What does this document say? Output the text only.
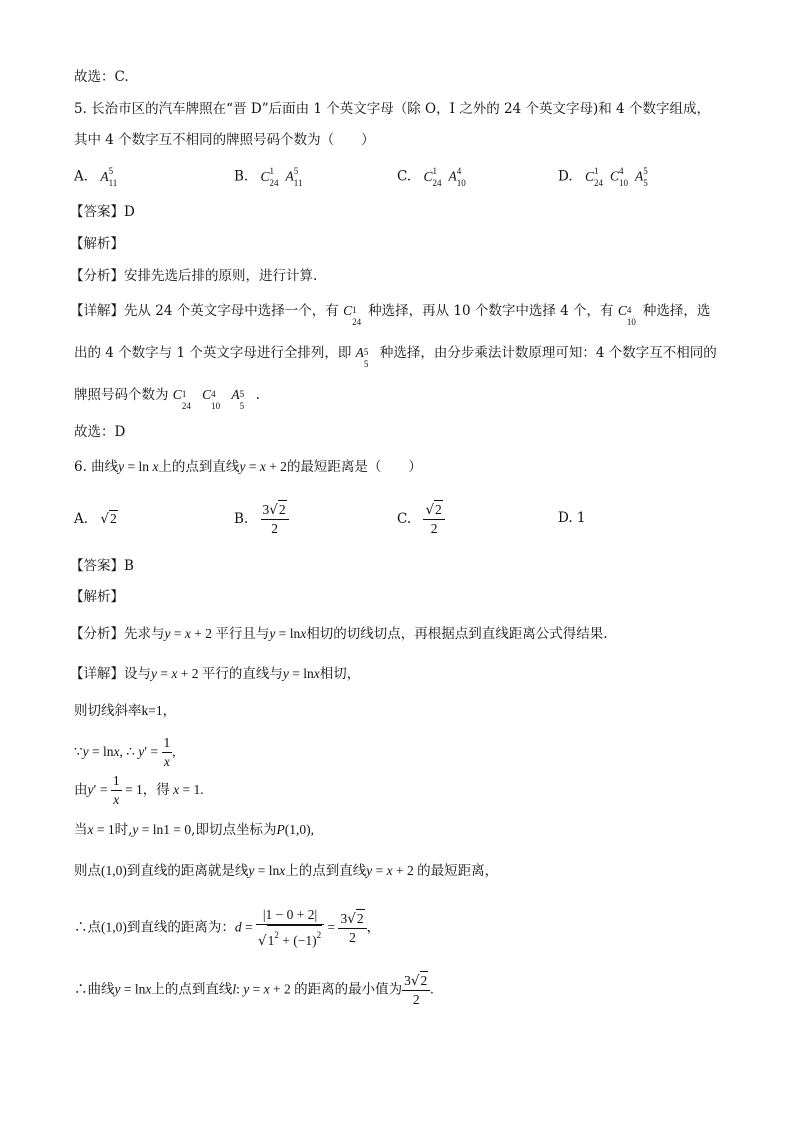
故选：C.
5. 长治市区的汽车牌照在“晋 D”后面由 1 个英文字母（除 O，I 之外的 24 个英文字母)和 4 个数字组成，
其中 4 个数字互不相同的牌照号码个数为（　　）
A. A 5
11	B. C 1
24 A 5
11	C. C 1
24 A 4
10	D. C 1
24 C 4
10 A 5
5
【答案】D
【解析】
【分析】安排先选后排的原则，进行计算.
【详解】先从 24 个英文字母中选择一个，有 C 1
24
种选择，再从 10 个数字中选择 4 个，有 C 4
10
种选择，选
出的 4 个数字与 1 个英文字母进行全排列，即 A 5
5
种选择，由分步乘法计数原理可知：4 个数字互不相同的
牌照号码个数为 C 1
24
C 4
10
A 5
5
.
故选：D
6. 曲线y = ln x上的点到直线y = x + 2的最短距离是（　　）
A. √2	B. $\frac{3√2}{2}$	C. $\frac{√2}{2}$	D. 1
【答案】B
【解析】
【分析】先求与y = x + 2 平行且与y = lnx相切的切线切点，再根据点到直线距离公式得结果.
【详解】设与y = x + 2 平行的直线与y = lnx相切，
则切线斜率k=1，
∵y = lnx, ∴ $y' = \frac{1}{x}$ ,
由$y' = \frac{1}{x} = 1$，得 x = 1.
当x = 1时,y = ln1 = 0,即切点坐标为P(1,0),
则点(1,0)到直线的距离就是线y = lnx上的点到直线y = x + 2 的最短距离，
∴点(1,0)到直线的距离为：$d = \frac{|1 - 0 + 2|}{√1^2 + (-1)^2} = \frac{3√2}{2}$ ，
∴曲线y = lnx上的点到直线l: y = x + 2 的距离的最小值为 $\frac{3√2}{2}$ .
